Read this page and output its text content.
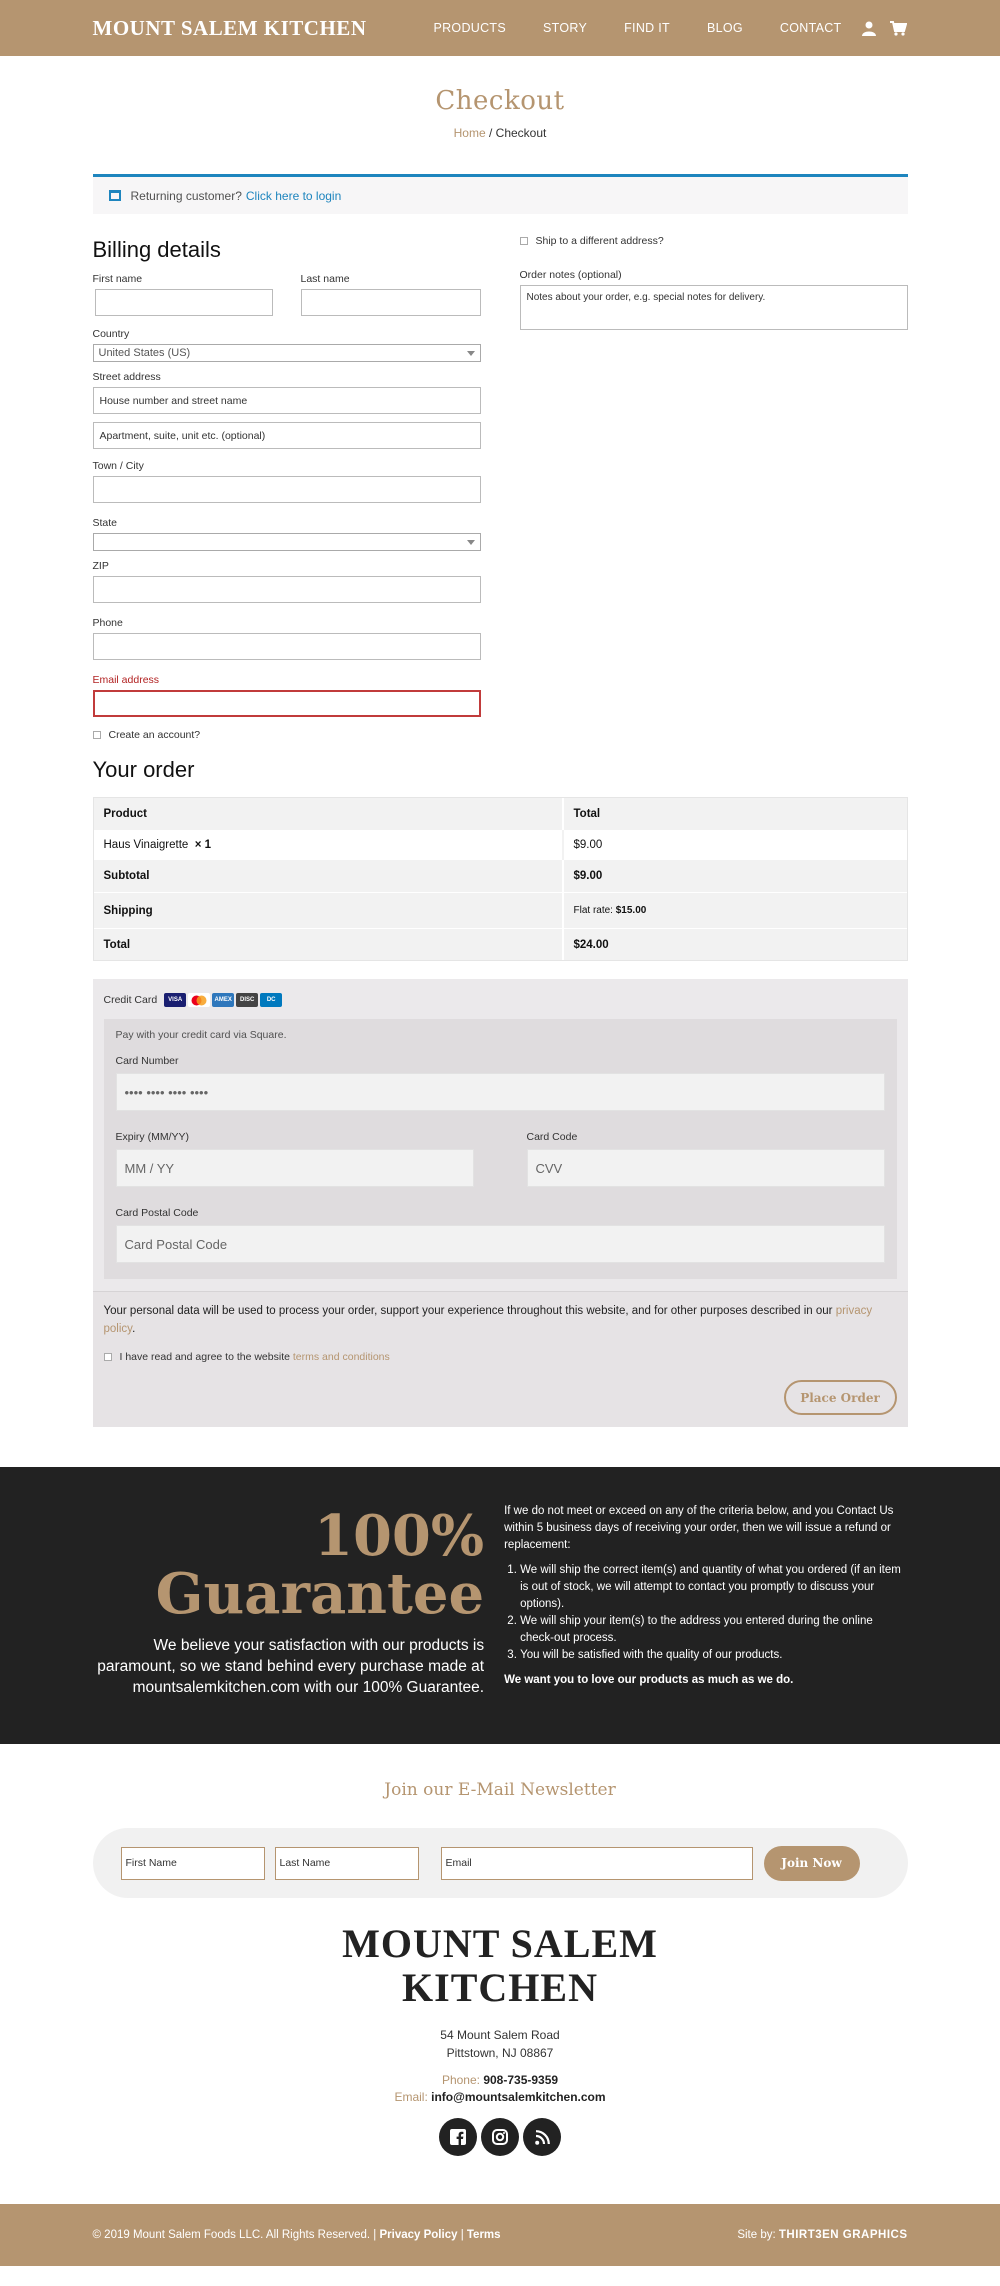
MOUNT SALEM KITCHEN	PRODUCTS	STORY	FIND IT	BLOG	CONTACT
Checkout
Home / Checkout
Returning customer? Click here to login
Billing details
First name	Last name
Country
United States (US)
Street address
House number and street name
Apartment, suite, unit etc. (optional)
Town / City
State
ZIP
Phone
Email address
Create an account?
Ship to a different address?
Order notes (optional)
Notes about your order, e.g. special notes for delivery.
Your order
Product	Total
Haus Vinaigrette
× 1	$9.00
Subtotal	$9.00
Shipping	Flat rate:
$15.00
Total	$24.00
Credit Card	VISA	AMEX	DISC	DC
Pay with your credit card via Square.
Card Number
•••• •••• •••• ••••
Expiry (MM/YY)
MM / YY
Card Code
CVV
Card Postal Code
Card Postal Code
Your personal data will be used to process your order, support your experience throughout this website, and for other purposes described in our privacy policy.
I have read and agree to the website
terms and conditions
Place Order
100%
Guarantee
We believe your satisfaction with our products is paramount, so we stand behind every purchase made at mountsalemkitchen.com with our 100% Guarantee.
If we do not meet or exceed on any of the criteria below, and you Contact Us within 5 business days of receiving your order, then we will issue a refund or replacement:
1. We will ship the correct item(s) and quantity of what you ordered (if an item is out of stock, we will attempt to contact you promptly to discuss your options).
2. We will ship your item(s) to the address you entered during the online check-out process.
3. You will be satisfied with the quality of our products.
We want you to love our products as much as we do.
Join our E-Mail Newsletter
First Name	Last Name	Email	Join Now
MOUNT SALEM
KITCHEN
54 Mount Salem Road
Pittstown, NJ 08867
Phone: 908-735-9359
Email: info@mountsalemkitchen.com
© 2019 Mount Salem Foods LLC. All Rights Reserved. | Privacy Policy | Terms	Site by: THIRT3EN GRAPHICS
